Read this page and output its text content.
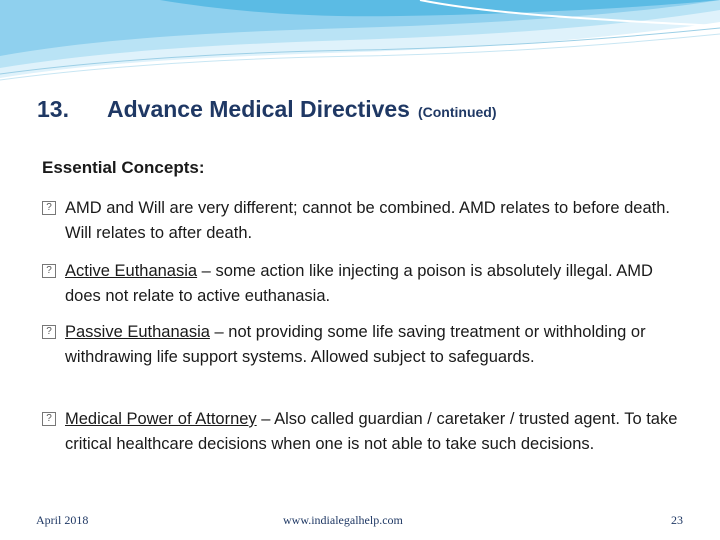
13.	Advance Medical Directives (Continued)
Essential Concepts:
? AMD and Will are very different; cannot be combined. AMD relates to before death. Will relates to after death.
? Active Euthanasia – some action like injecting a poison is absolutely illegal. AMD does not relate to active euthanasia.
? Passive Euthanasia – not providing some life saving treatment or withholding or withdrawing life support systems. Allowed subject to safeguards.
? Medical Power of Attorney – Also called guardian / caretaker / trusted agent. To take critical healthcare decisions when one is not able to take such decisions.
April 2018	www.indialegalhelp.com	23
